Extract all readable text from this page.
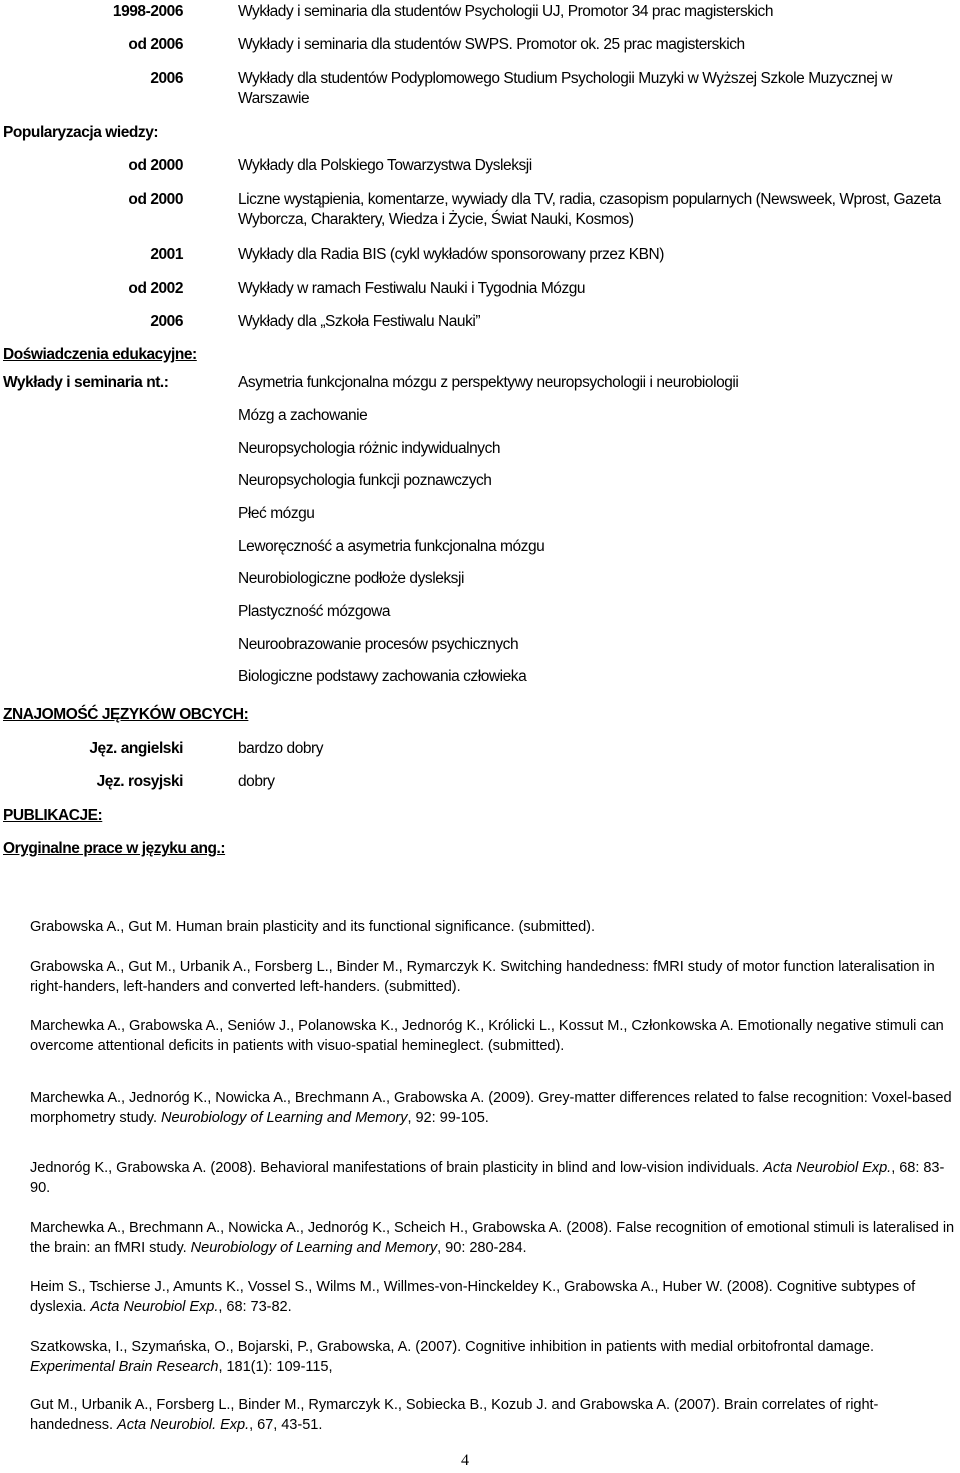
1998-2006	Wykłady i seminaria dla studentów Psychologii UJ, Promotor 34 prac magisterskich
od 2006	Wykłady i seminaria dla studentów SWPS. Promotor ok. 25 prac magisterskich
2006	Wykłady dla studentów Podyplomowego Studium Psychologii Muzyki w Wyższej Szkole Muzycznej w Warszawie
Popularyzacja wiedzy:
od 2000	Wykłady dla Polskiego Towarzystwa Dysleksji
od 2000	Liczne wystąpienia, komentarze, wywiady dla TV, radia, czasopism popularnych (Newsweek, Wprost, Gazeta Wyborcza, Charaktery, Wiedza i Życie, Świat Nauki, Kosmos)
2001	Wykłady dla Radia BIS (cykl wykładów sponsorowany przez KBN)
od 2002	Wykłady w ramach Festiwalu Nauki i Tygodnia Mózgu
2006	Wykłady dla „Szkoła Festiwalu Nauki”
Doświadczenia edukacyjne:
Wykłady i seminaria nt.:	Asymetria funkcjonalna mózgu z perspektywy neuropsychologii i neurobiologii
Mózg a zachowanie
Neuropsychologia różnic indywidualnych
Neuropsychologia funkcji poznawczych
Płeć mózgu
Leworęczność a asymetria funkcjonalna mózgu
Neurobiologiczne podłoże dysleksji
Plastyczność mózgowa
Neuroobrazowanie procesów psychicznych
Biologiczne podstawy zachowania człowieka
ZNAJOMOŚĆ JĘZYKÓW OBCYCH:
Jęz. angielski	bardzo dobry
Jęz. rosyjski	dobry
PUBLIKACJE:
Oryginalne prace w języku ang.:
Grabowska A., Gut M. Human brain plasticity and its functional significance. (submitted).
Grabowska A., Gut M., Urbanik A., Forsberg L., Binder M., Rymarczyk K. Switching handedness: fMRI study of motor function lateralisation in right-handers, left-handers and converted left-handers. (submitted).
Marchewka A., Grabowska A., Seniów J., Polanowska K., Jednoróg K., Królicki L., Kossut M., Członkowska A. Emotionally negative stimuli can overcome attentional deficits in patients with visuo-spatial hemineglect. (submitted).
Marchewka A., Jednoróg K., Nowicka A., Brechmann A., Grabowska A. (2009). Grey-matter differences related to false recognition: Voxel-based morphometry study. Neurobiology of Learning and Memory, 92: 99-105.
Jednoróg K., Grabowska A. (2008). Behavioral manifestations of brain plasticity in blind and low-vision individuals. Acta Neurobiol Exp., 68: 83-90.
Marchewka A., Brechmann A., Nowicka A., Jednoróg K., Scheich H., Grabowska A. (2008). False recognition of emotional stimuli is lateralised in the brain: an fMRI study. Neurobiology of Learning and Memory, 90: 280-284.
Heim S., Tschierse J., Amunts K., Vossel S., Wilms M., Willmes-von-Hinckeldey K., Grabowska A., Huber W. (2008). Cognitive subtypes of dyslexia. Acta Neurobiol Exp., 68: 73-82.
Szatkowska, I., Szymańska, O., Bojarski, P., Grabowska, A. (2007). Cognitive inhibition in patients with medial orbitofrontal damage. Experimental Brain Research, 181(1): 109-115,
Gut M., Urbanik A., Forsberg L., Binder M., Rymarczyk K., Sobiecka B., Kozub J. and Grabowska A. (2007). Brain correlates of right-handedness. Acta Neurobiol. Exp., 67, 43-51.
4
